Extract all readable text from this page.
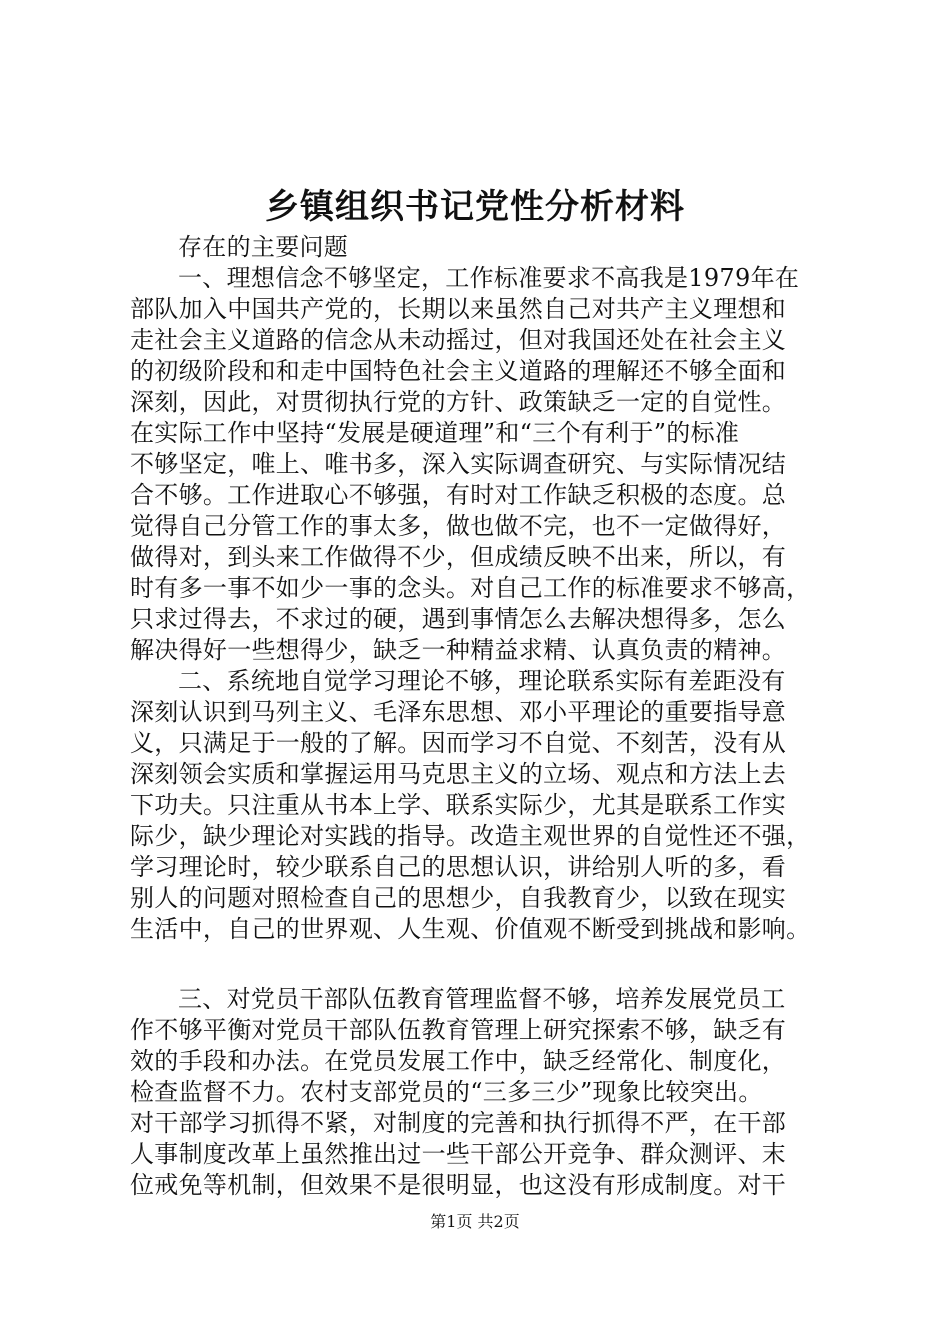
乡镇组织书记党性分析材料
存在的主要问题
一、理想信念不够坚定，工作标准要求不高我是1979年在
部队加入中国共产党的，长期以来虽然自己对共产主义理想和
走社会主义道路的信念从未动摇过，但对我国还处在社会主义
的初级阶段和和走中国特色社会主义道路的理解还不够全面和
深刻，因此，对贯彻执行党的方针、政策缺乏一定的自觉性。
在实际工作中坚持“发展是硬道理”和“三个有利于”的标准
不够坚定，唯上、唯书多，深入实际调查研究、与实际情况结
合不够。工作进取心不够强，有时对工作缺乏积极的态度。总
觉得自己分管工作的事太多，做也做不完，也不一定做得好，
做得对，到头来工作做得不少，但成绩反映不出来，所以，有
时有多一事不如少一事的念头。对自己工作的标准要求不够高，
只求过得去，不求过的硬，遇到事情怎么去解决想得多，怎么
解决得好一些想得少，缺乏一种精益求精、认真负责的精神。
二、系统地自觉学习理论不够，理论联系实际有差距没有
深刻认识到马列主义、毛泽东思想、邓小平理论的重要指导意
义，只满足于一般的了解。因而学习不自觉、不刻苦，没有从
深刻领会实质和掌握运用马克思主义的立场、观点和方法上去
下功夫。只注重从书本上学、联系实际少，尤其是联系工作实
际少，缺少理论对实践的指导。改造主观世界的自觉性还不强，
学习理论时，较少联系自己的思想认识，讲给别人听的多，看
别人的问题对照检查自己的思想少，自我教育少，以致在现实
生活中，自己的世界观、人生观、价值观不断受到挑战和影响。
三、对党员干部队伍教育管理监督不够，培养发展党员工
作不够平衡对党员干部队伍教育管理上研究探索不够，缺乏有
效的手段和办法。在党员发展工作中，缺乏经常化、制度化，
检查监督不力。农村支部党员的“三多三少”现象比较突出。
对干部学习抓得不紧，对制度的完善和执行抓得不严，在干部
人事制度改革上虽然推出过一些干部公开竞争、群众测评、末
位戒免等机制，但效果不是很明显，也这没有形成制度。对干
第1页 共2页
